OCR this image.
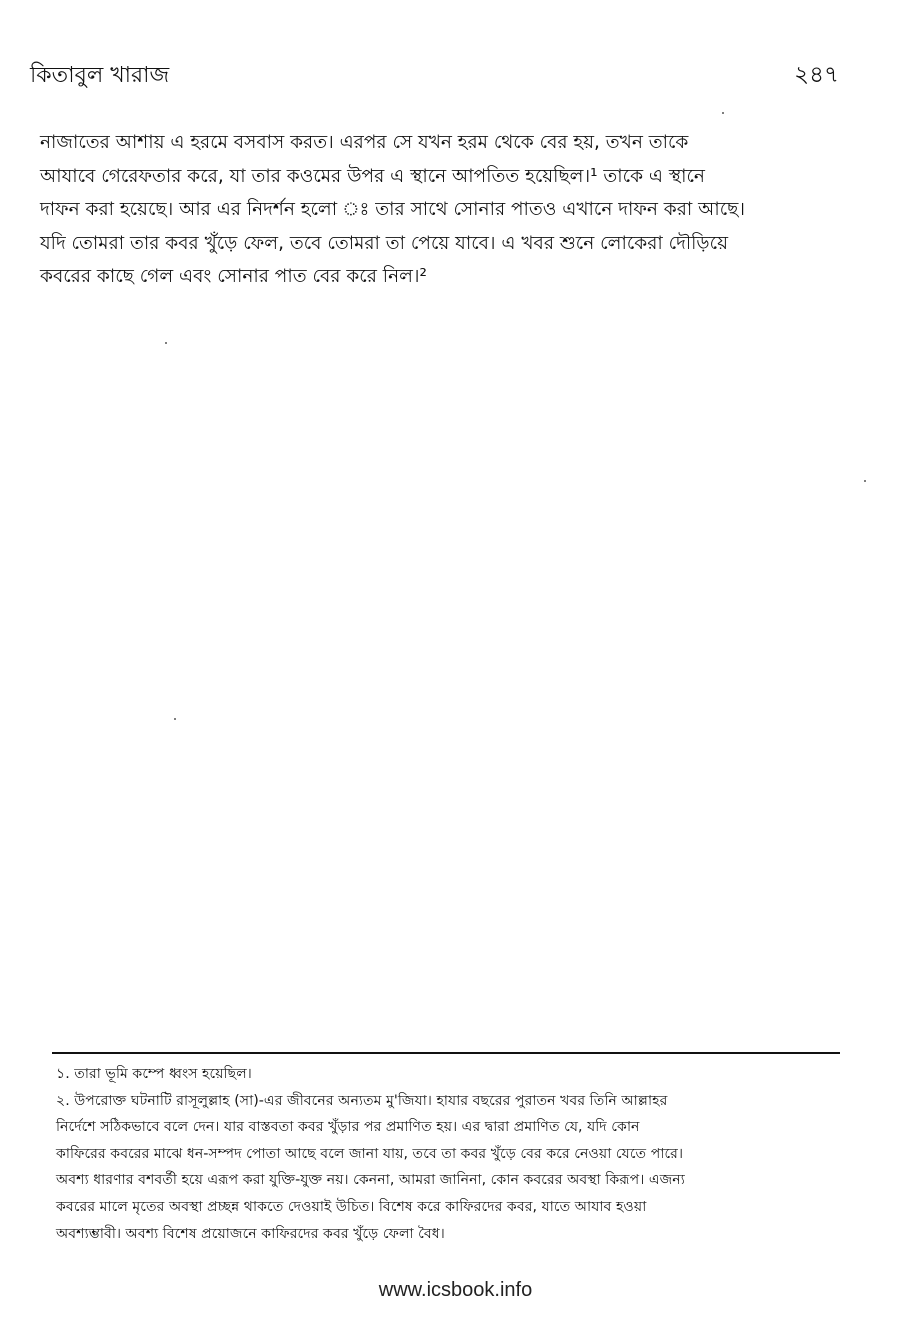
কিতাবুল খারাজ	২৪৭
নাজাতের আশায় এ হরমে বসবাস করত। এরপর সে যখন হরম থেকে বের হয়, তখন তাকে
আযাবে গেরেফতার করে, যা তার কওমের উপর এ স্থানে আপতিত হয়েছিল।¹ তাকে এ স্থানে
দাফন করা হয়েছে। আর এর নিদর্শন হলো ঃ তার সাথে সোনার পাতও এখানে দাফন করা আছে।
যদি তোমরা তার কবর খুঁড়ে ফেল, তবে তোমরা তা পেয়ে যাবে। এ খবর শুনে লোকেরা দৌড়িয়ে
কবরের কাছে গেল এবং সোনার পাত বের করে নিল।²
১. তারা ভূমি কম্পে ধ্বংস হয়েছিল।
২. উপরোক্ত ঘটনাটি রাসূলুল্লাহ (সা)-এর জীবনের অন্যতম মু'জিযা। হাযার বছরের পুরাতন খবর তিনি আল্লাহর
নির্দেশে সঠিকভাবে বলে দেন। যার বাস্তবতা কবর খুঁড়ার পর প্রমাণিত হয়। এর দ্বারা প্রমাণিত যে, যদি কোন
কাফিরের কবরের মাঝে ধন-সম্পদ পোতা আছে বলে জানা যায়, তবে তা কবর খুঁড়ে বের করে নেওয়া যেতে পারে।
অবশ্য ধারণার বশবর্তী হয়ে এরূপ করা যুক্তি-যুক্ত নয়। কেননা, আমরা জানিনা, কোন কবরের অবস্থা কিরূপ। এজন্য
কবরের মালে মৃতের অবস্থা প্রচ্ছন্ন থাকতে দেওয়াই উচিত। বিশেষ করে কাফিরদের কবর, যাতে আযাব হওয়া
অবশ্যম্ভাবী। অবশ্য বিশেষ প্রয়োজনে কাফিরদের কবর খুঁড়ে ফেলা বৈধ।
www.icsbook.info
